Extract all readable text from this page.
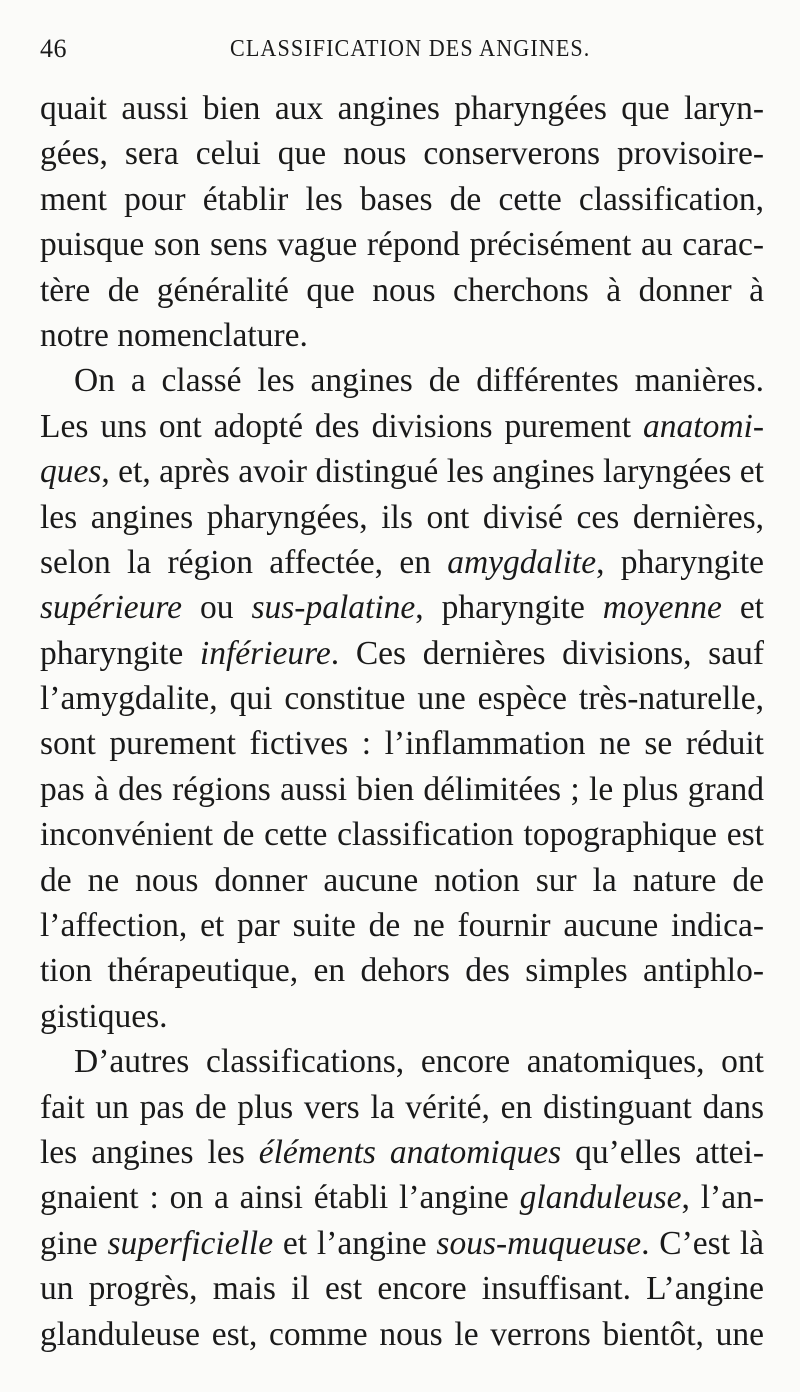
46	CLASSIFICATION DES ANGINES.
quait aussi bien aux angines pharyngées que laryn-
gées, sera celui que nous conserverons provisoire-
ment pour établir les bases de cette classification,
puisque son sens vague répond précisément au carac-
tère de généralité que nous cherchons à donner à
notre nomenclature.
On a classé les angines de différentes manières.
Les uns ont adopté des divisions purement anatomi-
ques, et, après avoir distingué les angines laryngées et
les angines pharyngées, ils ont divisé ces dernières,
selon la région affectée, en amygdalite, pharyngite
supérieure ou sus-palatine, pharyngite moyenne et
pharyngite inférieure. Ces dernières divisions, sauf
l’amygdalite, qui constitue une espèce très-naturelle,
sont purement fictives : l’inflammation ne se réduit
pas à des régions aussi bien délimitées ; le plus grand
inconvénient de cette classification topographique est
de ne nous donner aucune notion sur la nature de
l’affection, et par suite de ne fournir aucune indica-
tion thérapeutique, en dehors des simples antiphlo-
gistiques.
D’autres classifications, encore anatomiques, ont
fait un pas de plus vers la vérité, en distinguant dans
les angines les éléments anatomiques qu’elles attei-
gnaient : on a ainsi établi l’angine glanduleuse, l’an-
gine superficielle et l’angine sous-muqueuse. C’est là
un progrès, mais il est encore insuffisant. L’angine
glanduleuse est, comme nous le verrons bientôt, une
